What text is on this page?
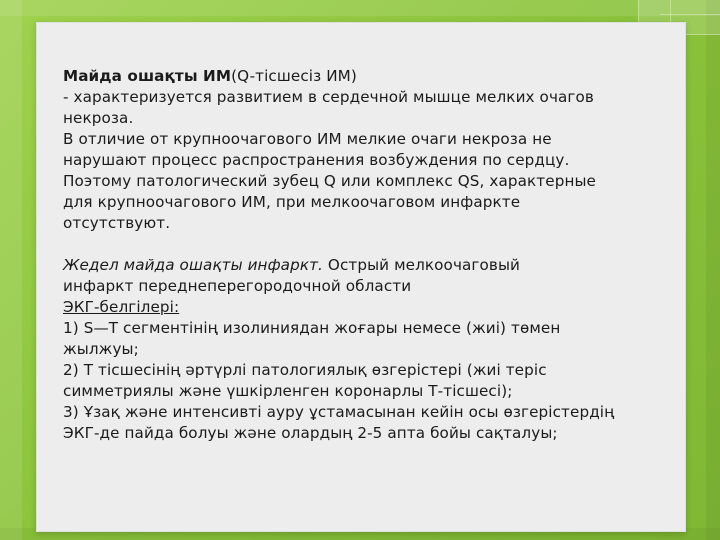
Майда ошақты ИМ(Q-тісшесіз ИМ)

- характеризуется развитием в сердечной мышце мелких очагов
некроза.

В отличие от крупноочагового ИМ мелкие очаги некроза не
нарушают процесс распространения возбуждения по сердцу.
Поэтому патологический зубец Q или комплекс QS, характерные
для крупноочагового ИМ, при мелкоочаговом инфаркте
отсутствуют.

Жедел майда ошақты инфаркт. Острый мелкоочаговый
инфаркт переднеперегородочной области

ЭКГ-белгілері:

1) S—T сегментінің изолиниядан жоғары немесе (жиі) төмен
жылжуы;
2) Т тісшесінің әртүрлі патологиялық өзгерістері (жиі теріс
симметриялы және үшкірленген коронарлы Т-тісшесі);
3) Ұзақ және интенсивті ауру ұстамасынан кейін осы өзгерістердің
ЭКГ-де пайда болуы және олардың 2-5 апта бойы сақталуы;
